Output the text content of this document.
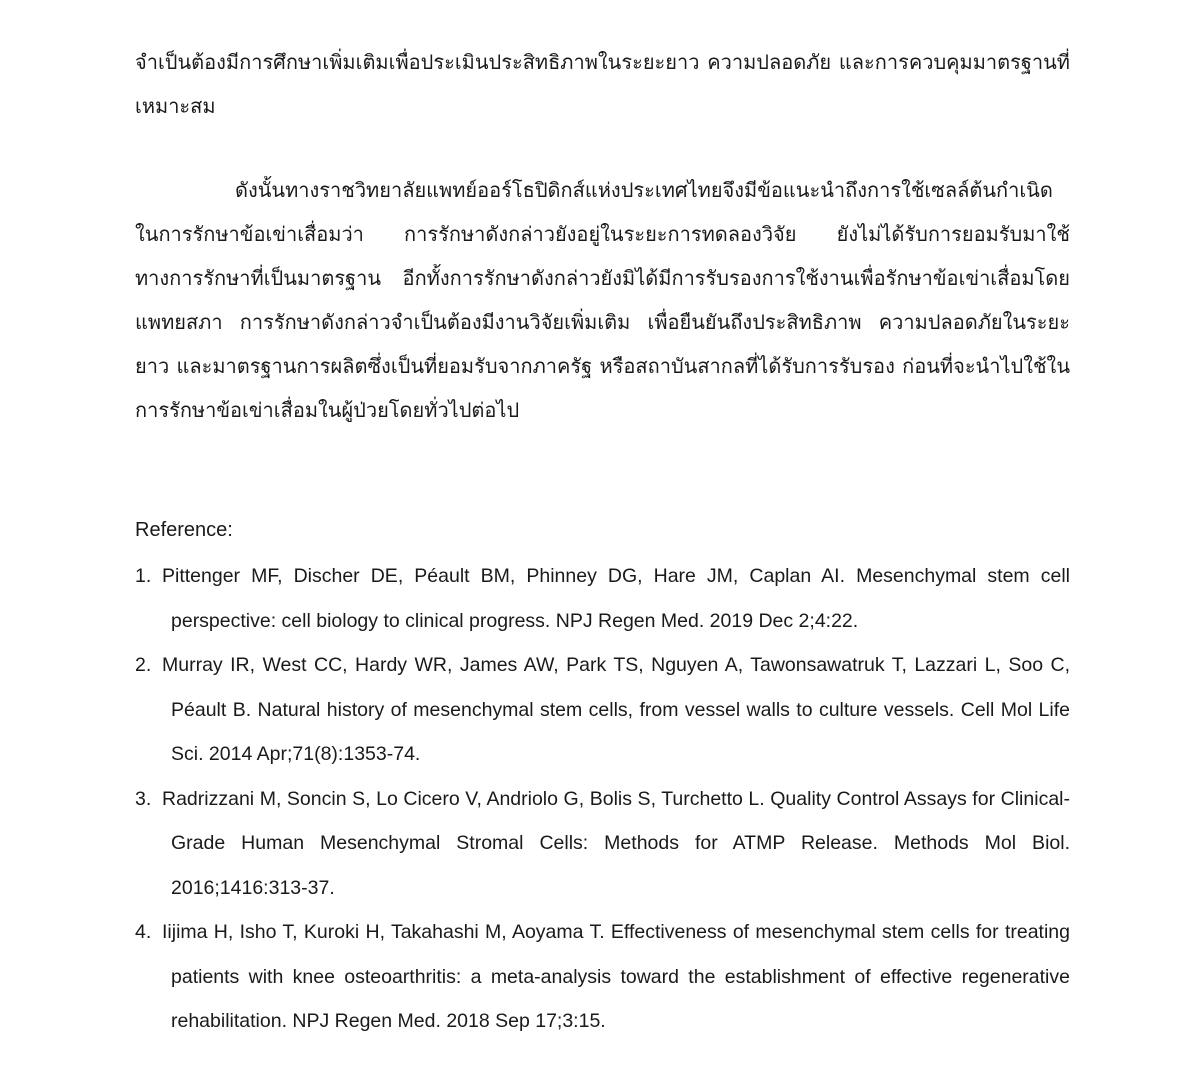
จำเป็นต้องมีการศึกษาเพิ่มเติมเพื่อประเมินประสิทธิภาพในระยะยาว ความปลอดภัย และการควบคุมมาตรฐานที่เหมาะสม

ดังนั้นทางราชวิทยาลัยแพทย์ออร์โธปิดิกส์แห่งประเทศไทยจึงมีข้อแนะนำถึงการใช้เซลล์ต้นกำเนิดในการรักษาข้อเข่าเสื่อมว่า การรักษาดังกล่าวยังอยู่ในระยะการทดลองวิจัย ยังไม่ได้รับการยอมรับมาใช้ทางการรักษาที่เป็นมาตรฐาน อีกทั้งการรักษาดังกล่าวยังมิได้มีการรับรองการใช้งานเพื่อรักษาข้อเข่าเสื่อมโดยแพทยสภา การรักษาดังกล่าวจำเป็นต้องมีงานวิจัยเพิ่มเติม เพื่อยืนยันถึงประสิทธิภาพ ความปลอดภัยในระยะยาว และมาตรฐานการผลิตซึ่งเป็นที่ยอมรับจากภาครัฐ หรือสถาบันสากลที่ได้รับการรับรอง ก่อนที่จะนำไปใช้ในการรักษาข้อเข่าเสื่อมในผู้ป่วยโดยทั่วไปต่อไป

Reference:
1. Pittenger MF, Discher DE, Péault BM, Phinney DG, Hare JM, Caplan AI. Mesenchymal stem cell perspective: cell biology to clinical progress. NPJ Regen Med. 2019 Dec 2;4:22.
2. Murray IR, West CC, Hardy WR, James AW, Park TS, Nguyen A, Tawonsawatruk T, Lazzari L, Soo C, Péault B. Natural history of mesenchymal stem cells, from vessel walls to culture vessels. Cell Mol Life Sci. 2014 Apr;71(8):1353-74.
3. Radrizzani M, Soncin S, Lo Cicero V, Andriolo G, Bolis S, Turchetto L. Quality Control Assays for Clinical-Grade Human Mesenchymal Stromal Cells: Methods for ATMP Release. Methods Mol Biol. 2016;1416:313-37.
4. Iijima H, Isho T, Kuroki H, Takahashi M, Aoyama T. Effectiveness of mesenchymal stem cells for treating patients with knee osteoarthritis: a meta-analysis toward the establishment of effective regenerative rehabilitation. NPJ Regen Med. 2018 Sep 17;3:15.
